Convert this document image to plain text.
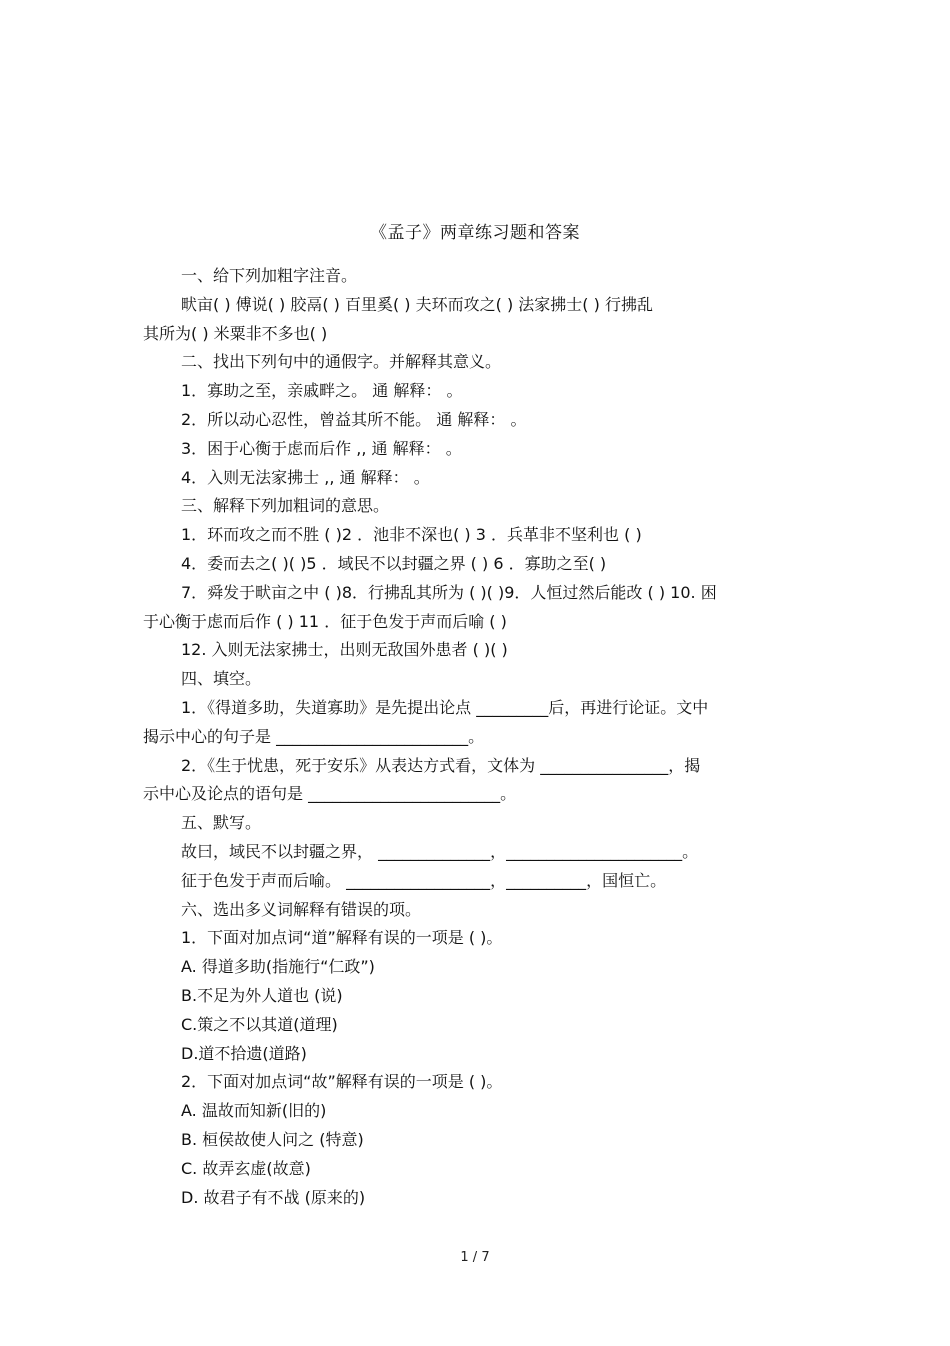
《孟子》两章练习题和答案

一、给下列加粗字注音。

畎亩( ) 傅说( ) 胶鬲( ) 百里奚( ) 夫环而攻之( ) 法家拂士( ) 行拂乱

其所为( ) 米粟非不多也( )

二、找出下列句中的通假字。并解释其意义。

1．寡助之至，亲戚畔之。 通 解释： 。

2．所以动心忍性，曾益其所不能。 通 解释： 。

3．困于心衡于虑而后作 ,, 通 解释： 。

4．入则无法家拂士 ,, 通 解释： 。

三、解释下列加粗词的意思。

1．环而攻之而不胜 ( )2 ．池非不深也( ) 3 ．兵革非不坚利也 ( )

4．委而去之( )( )5 ．域民不以封疆之界 ( ) 6 ．寡助之至( )

7．舜发于畎亩之中 ( )8．行拂乱其所为 ( )( )9．人恒过然后能改 ( ) 10. 困

于心衡于虑而后作 ( ) 11 ．征于色发于声而后喻 ( )

12. 入则无法家拂士，出则无敌国外患者 ( )( )

四、填空。

1．《得道多助，失道寡助》是先提出论点 _________后，再进行论证。文中

揭示中心的句子是 ________________________。

2．《生于忧患，死于安乐》从表达方式看，文体为 ________________，揭

示中心及论点的语句是 ________________________。

五、默写。

故曰，域民不以封疆之界， ______________，______________________。

征于色发于声而后喻。 __________________，__________，国恒亡。

六、选出多义词解释有错误的项。

1．下面对加点词“道”解释有误的一项是 ( )。

A. 得道多助(指施行“仁政”)

B.不足为外人道也 (说)

C.策之不以其道(道理)

D.道不拾遗(道路)

2．下面对加点词“故”解释有误的一项是 ( )。

A. 温故而知新(旧的)

B. 桓侯故使人问之 (特意)

C. 故弄玄虚(故意)

D. 故君子有不战 (原来的)

1 / 7
